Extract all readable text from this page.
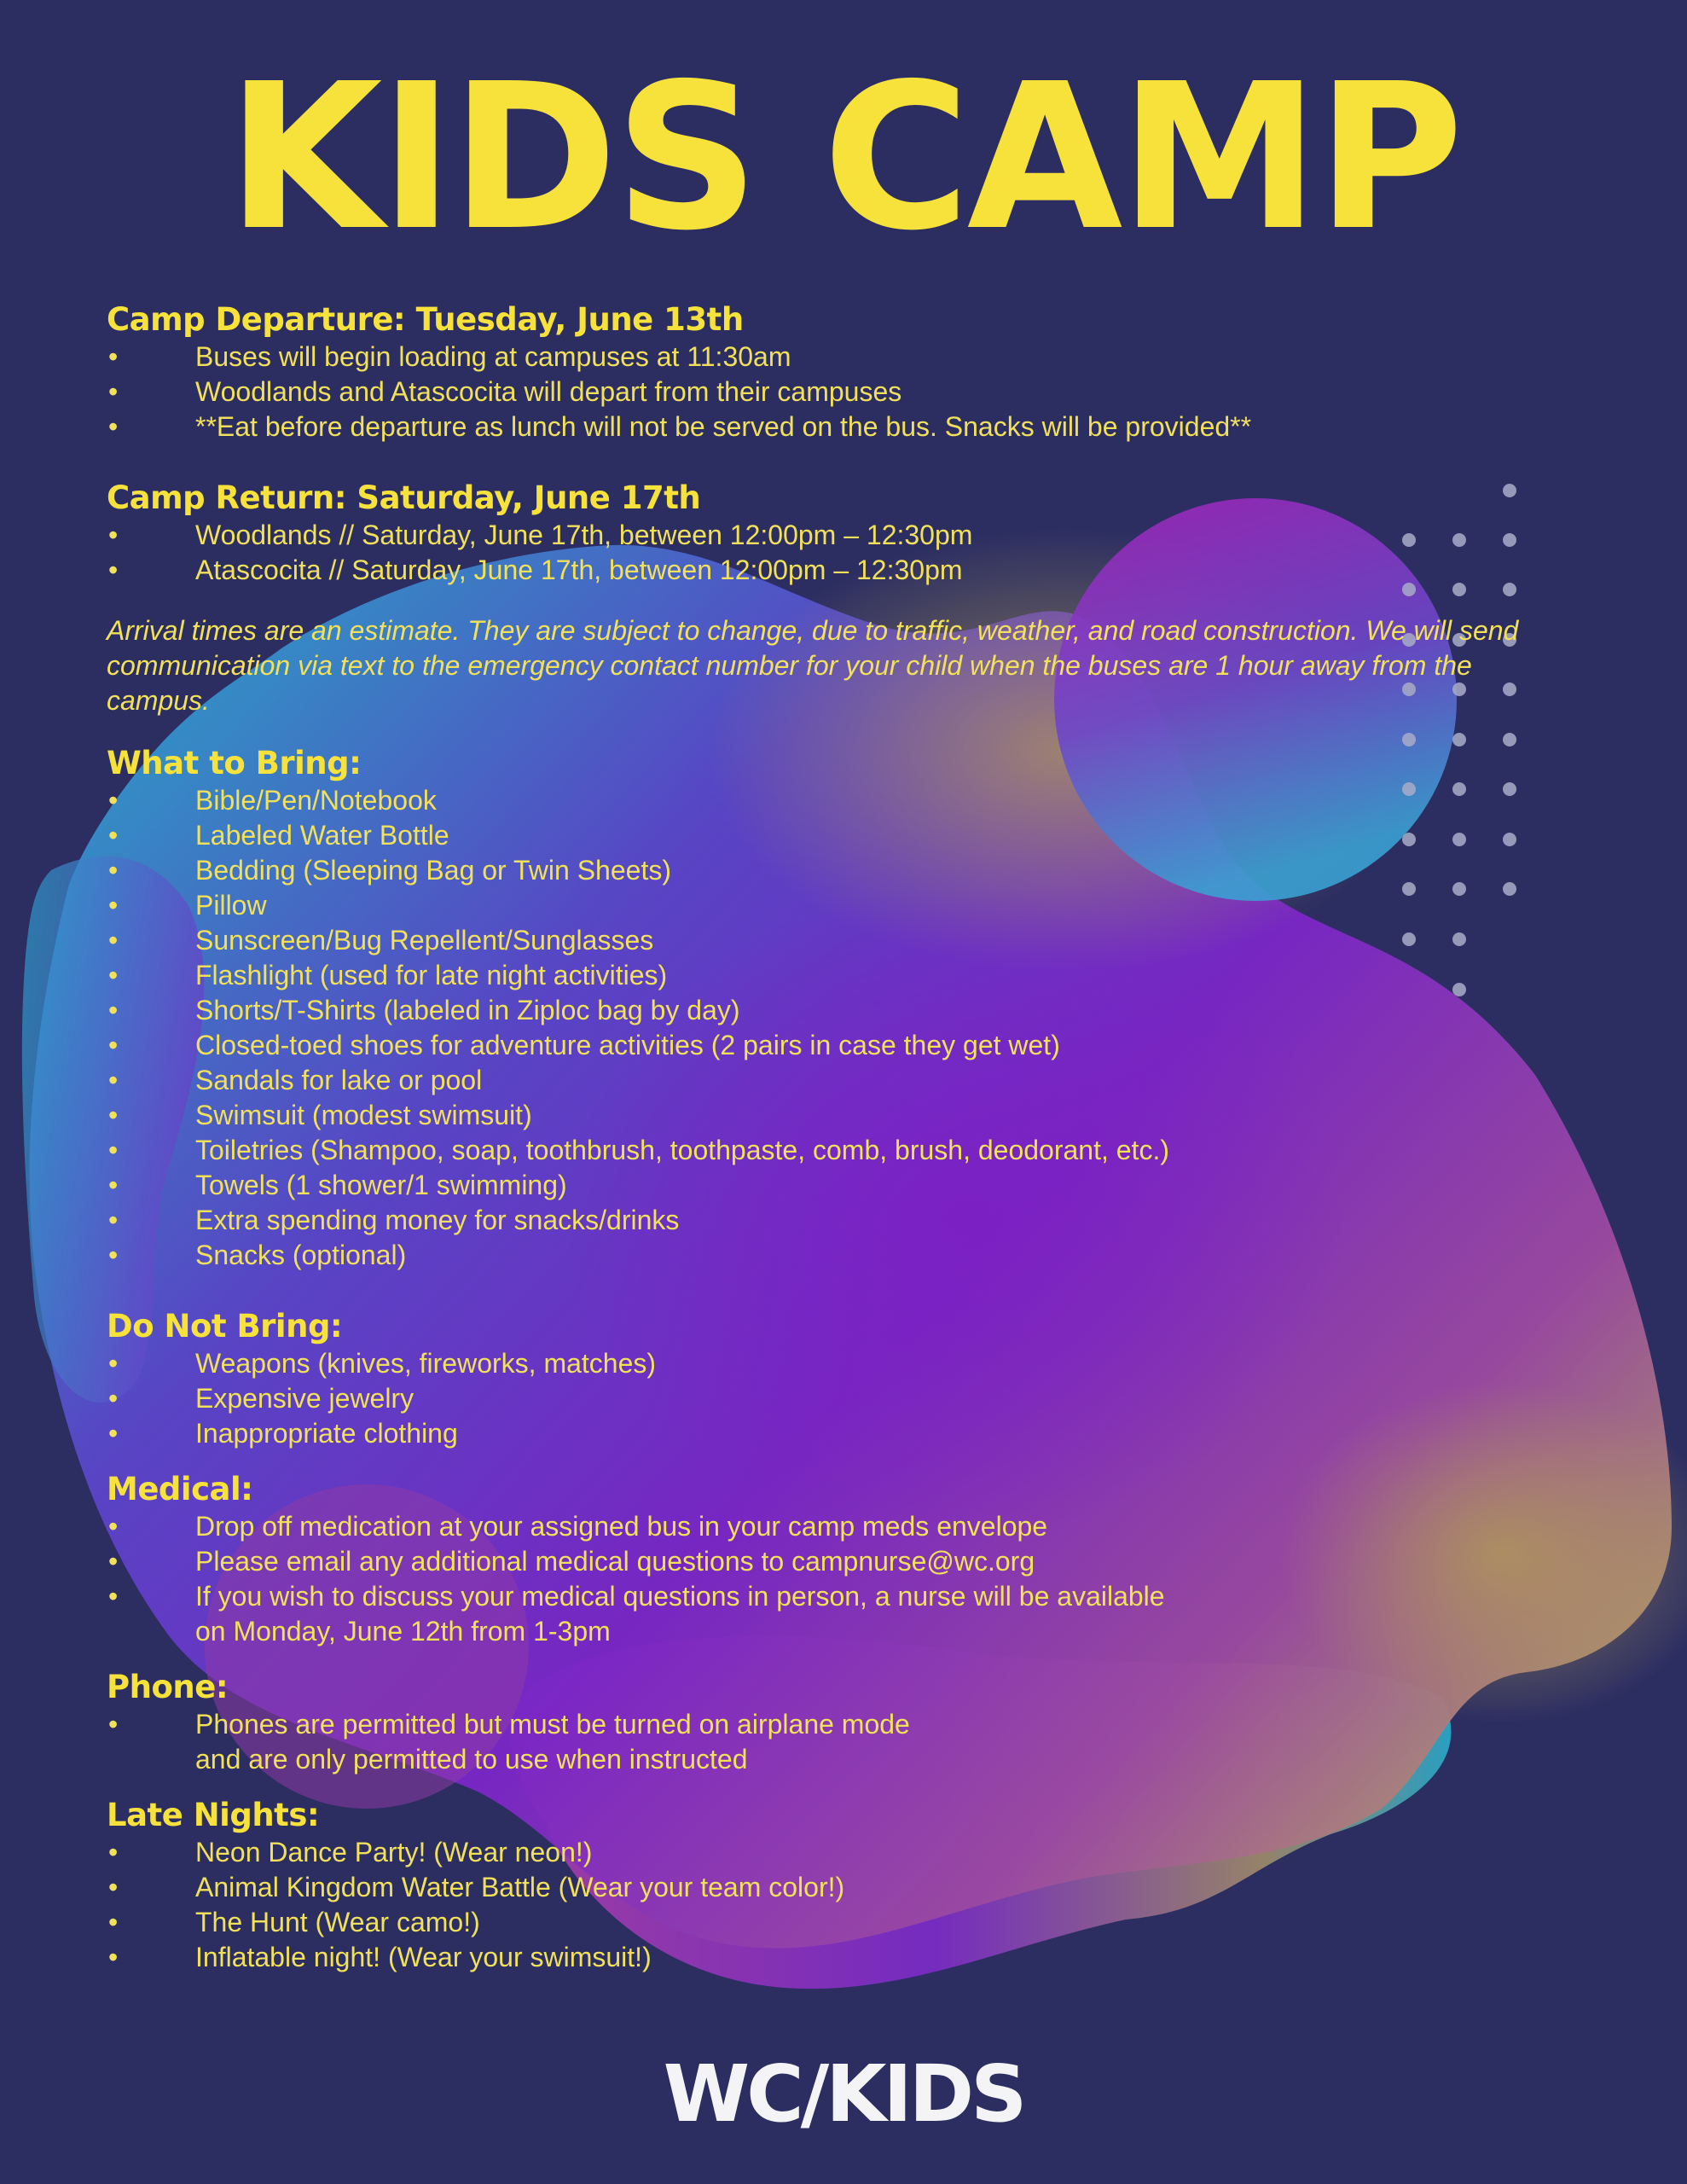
KIDS CAMP
Camp Departure: Tuesday, June 13th
• Buses will begin loading at campuses at 11:30am
• Woodlands and Atascocita will depart from their campuses
• **Eat before departure as lunch will not be served on the bus. Snacks will be provided**
Camp Return: Saturday, June 17th
• Woodlands // Saturday, June 17th, between 12:00pm – 12:30pm
• Atascocita // Saturday, June 17th, between 12:00pm – 12:30pm
Arrival times are an estimate. They are subject to change, due to traffic, weather, and road construction. We will send communication via text to the emergency contact number for your child when the buses are 1 hour away from the campus.
What to Bring:
• Bible/Pen/Notebook
• Labeled Water Bottle
• Bedding (Sleeping Bag or Twin Sheets)
• Pillow
• Sunscreen/Bug Repellent/Sunglasses
• Flashlight (used for late night activities)
• Shorts/T-Shirts (labeled in Ziploc bag by day)
• Closed-toed shoes for adventure activities (2 pairs in case they get wet)
• Sandals for lake or pool
• Swimsuit (modest swimsuit)
• Toiletries (Shampoo, soap, toothbrush, toothpaste, comb, brush, deodorant, etc.)
• Towels (1 shower/1 swimming)
• Extra spending money for snacks/drinks
• Snacks (optional)
Do Not Bring:
• Weapons (knives, fireworks, matches)
• Expensive jewelry
• Inappropriate clothing
Medical:
• Drop off medication at your assigned bus in your camp meds envelope
• Please email any additional medical questions to campnurse@wc.org
• If you wish to discuss your medical questions in person, a nurse will be available
on Monday, June 12th from 1-3pm
Phone:
• Phones are permitted but must be turned on airplane mode
and are only permitted to use when instructed
Late Nights:
• Neon Dance Party! (Wear neon!)
• Animal Kingdom Water Battle (Wear your team color!)
• The Hunt (Wear camo!)
• Inflatable night! (Wear your swimsuit!)
WC/KIDS
